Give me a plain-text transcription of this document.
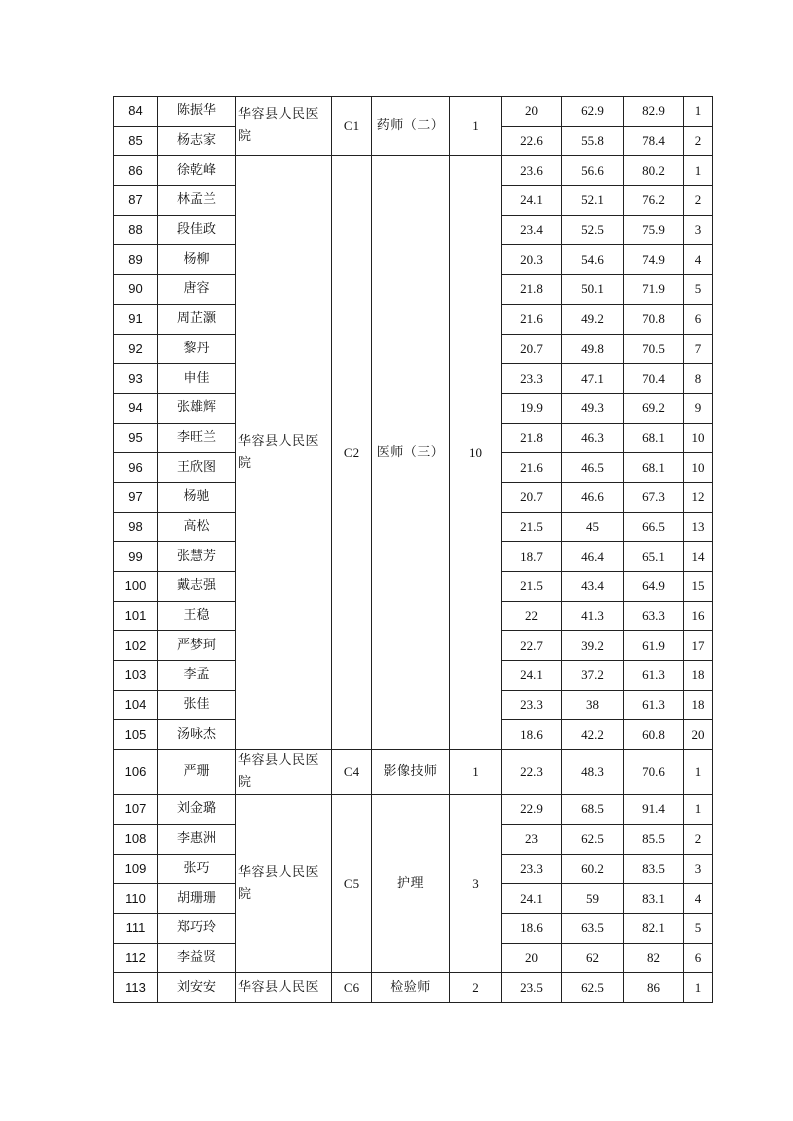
84	陈振华	华容县人民医院	C1	药师（二）	1	20	62.9	82.9	1
85	杨志家					22.6	55.8	78.4	2
86	徐乾峰	华容县人民医院	C2	医师（三）	10	23.6	56.6	80.2	1
87	林孟兰					24.1	52.1	76.2	2
88	段佳政					23.4	52.5	75.9	3
89	杨柳					20.3	54.6	74.9	4
90	唐容					21.8	50.1	71.9	5
91	周芷灏					21.6	49.2	70.8	6
92	黎丹					20.7	49.8	70.5	7
93	申佳					23.3	47.1	70.4	8
94	张雄辉					19.9	49.3	69.2	9
95	李旺兰					21.8	46.3	68.1	10
96	王欣图					21.6	46.5	68.1	10
97	杨驰					20.7	46.6	67.3	12
98	高松					21.5	45	66.5	13
99	张慧芳					18.7	46.4	65.1	14
100	戴志强					21.5	43.4	64.9	15
101	王稳					22	41.3	63.3	16
102	严梦珂					22.7	39.2	61.9	17
103	李孟					24.1	37.2	61.3	18
104	张佳					23.3	38	61.3	18
105	汤咏杰					18.6	42.2	60.8	20
106	严珊	华容县人民医院	C4	影像技师	1	22.3	48.3	70.6	1
107	刘金璐	华容县人民医院	C5	护理	3	22.9	68.5	91.4	1
108	李惠洲					23	62.5	85.5	2
109	张巧					23.3	60.2	83.5	3
110	胡珊珊					24.1	59	83.1	4
111	郑巧玲					18.6	63.5	82.1	5
112	李益贤					20	62	82	6
113	刘安安	华容县人民医	C6	检验师	2	23.5	62.5	86	1
